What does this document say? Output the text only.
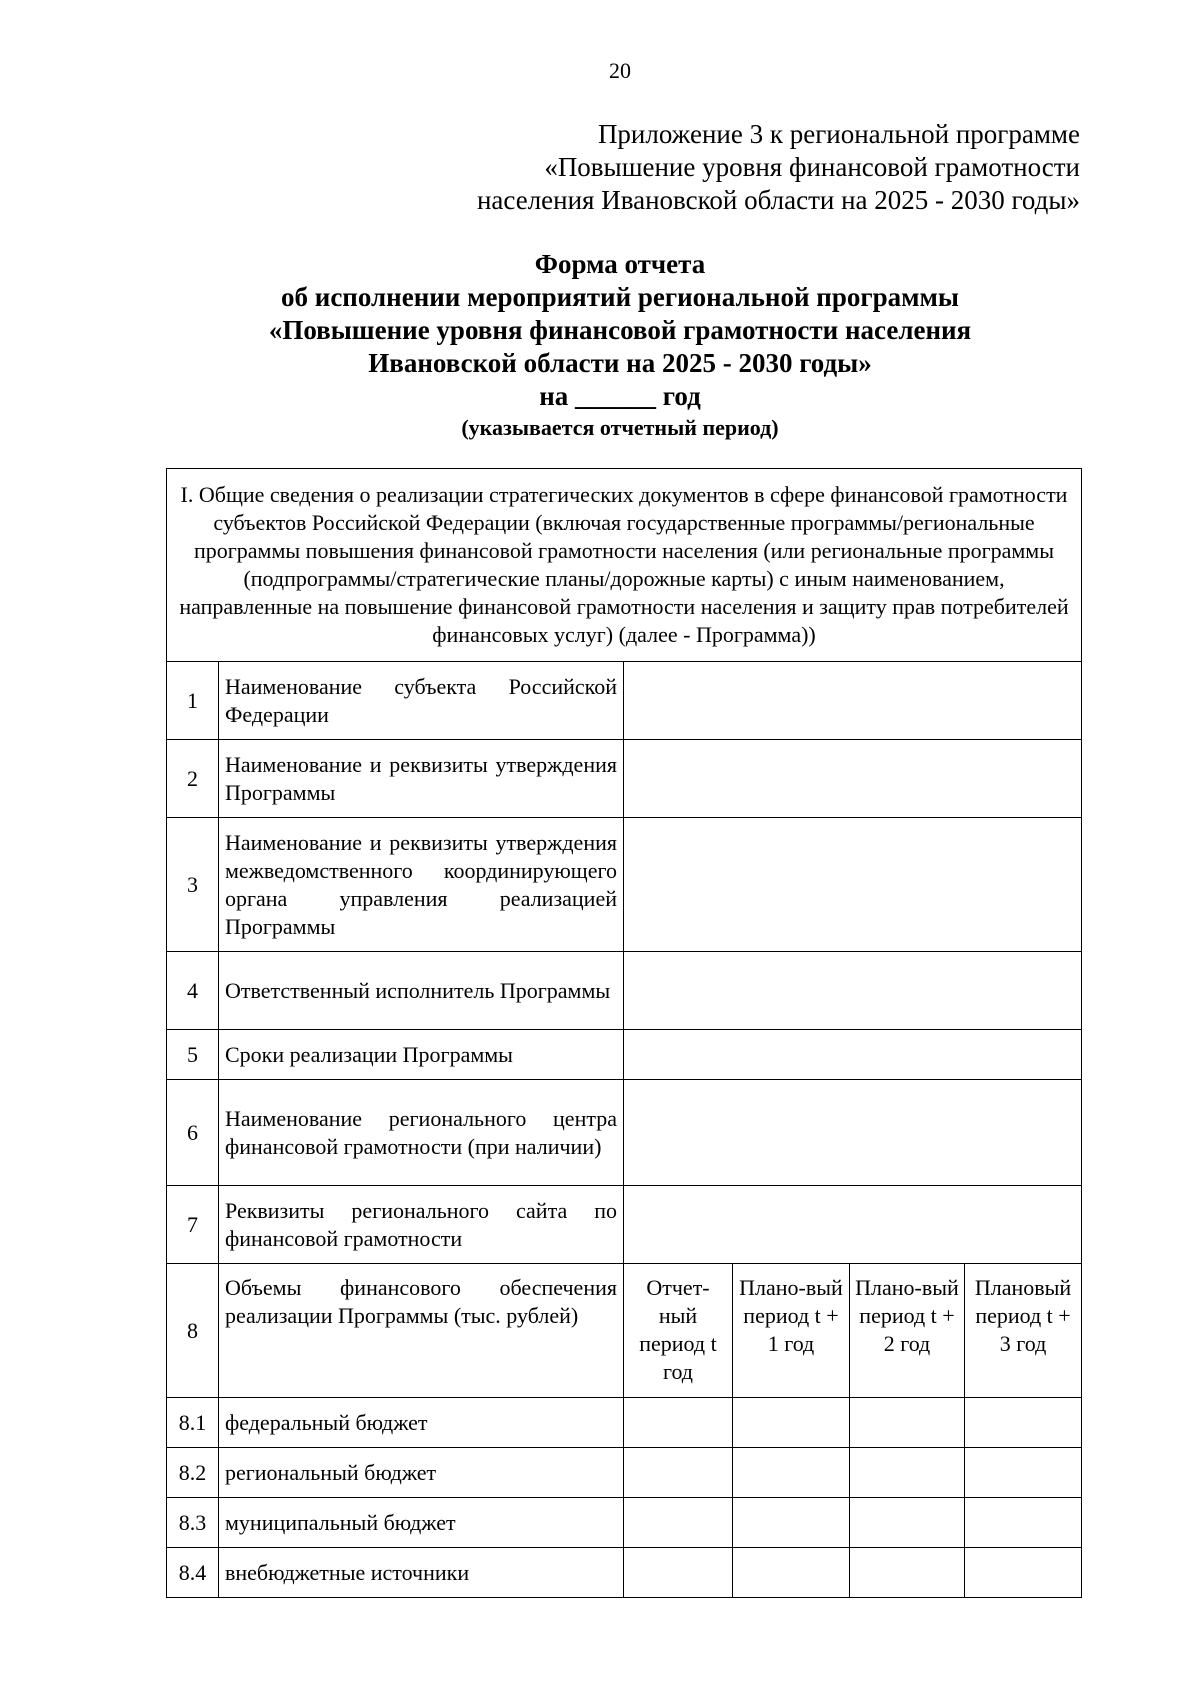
20
Приложение 3 к региональной программе
«Повышение уровня финансовой грамотности
населения Ивановской области на 2025 - 2030 годы»
Форма отчета
об исполнении мероприятий региональной программы
«Повышение уровня финансовой грамотности населения
Ивановской области на 2025 - 2030 годы»
на ______ год
(указывается отчетный период)
I. Общие сведения о реализации стратегических документов в сфере финансовой грамотности субъектов Российской Федерации (включая государственные программы/региональные программы повышения финансовой грамотности населения (или региональные программы (подпрограммы/стратегические планы/дорожные карты) с иным наименованием, направленные на повышение финансовой грамотности населения и защиту прав потребителей финансовых услуг) (далее - Программа))					
1	Наименование субъекта Российской Федерации				
2	Наименование и реквизиты утверждения Программы				
3	Наименование и реквизиты утверждения межведомственного координирующего органа управления реализацией Программы				
4	Ответственный исполнитель Программы				
5	Сроки реализации Программы				
6	Наименование регионального центра финансовой грамотности (при наличии)				
7	Реквизиты регионального сайта по финансовой грамотности				
8	Объемы финансового обеспечения реализации Программы (тыс. рублей)	Отчет-ный период t год	Плано-вый период t + 1 год	Плано-вый период t + 2 год	Плановый период t + 3 год
8.1	федеральный бюджет				
8.2	региональный бюджет				
8.3	муниципальный бюджет				
8.4	внебюджетные источники				
